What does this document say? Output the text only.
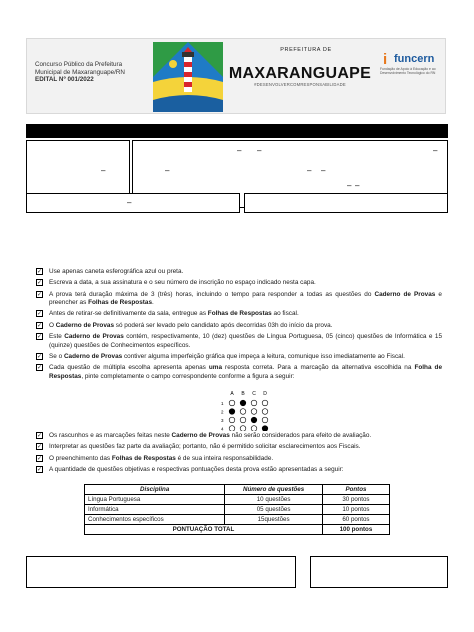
Concurso Público da Prefeitura
Municipal de Maxaranguape/RN
EDITAL Nº 001/2022
PREFEITURA DE
MAXARANGUAPE
#DESENVOLVERCOMRESPONSABILIDADE
i funcern
Fundação de Apoio à Educação e ao Desenvolvimento Tecnológico do RN
–
– –	–
–	– –
– –
–
✓ Use apenas caneta esferográfica azul ou preta.
✓ Escreva a data, a sua assinatura e o seu número de inscrição no espaço indicado nesta capa.
✓ A prova terá duração máxima de 3 (três) horas, incluindo o tempo para responder a todas as questões do Caderno de Provas e preencher as Folhas de Respostas.
✓ Antes de retirar-se definitivamente da sala, entregue as Folhas de Respostas ao fiscal.
✓ O Caderno de Provas só poderá ser levado pelo candidato após decorridas 03h do início da prova.
✓ Este Caderno de Provas contém, respectivamente, 10 (dez) questões de Língua Portuguesa, 05 (cinco) questões de Informática e 15 (quinze) questões de Conhecimentos específicos.
✓ Se o Caderno de Provas contiver alguma imperfeição gráfica que impeça a leitura, comunique isso imediatamente ao Fiscal.
✓ Cada questão de múltipla escolha apresenta apenas uma resposta correta. Para a marcação da alternativa escolhida na Folha de Respostas, pinte completamente o campo correspondente conforme a figura a seguir:
A B C D
1
2
3
4
✓ Os rascunhos e as marcações feitas neste Caderno de Provas não serão considerados para efeito de avaliação.
✓ Interpretar as questões faz parte da avaliação; portanto, não é permitido solicitar esclarecimentos aos Fiscais.
✓ O preenchimento das Folhas de Respostas é de sua inteira responsabilidade.
✓ A quantidade de questões objetivas e respectivas pontuações desta prova estão apresentadas a seguir:
Disciplina	Número de questões	Pontos
Língua Portuguesa	10 questões	30 pontos
Informática	05 questões	10 pontos
Conhecimentos específicos	15questões	60 pontos
PONTUAÇÃO TOTAL		100 pontos
